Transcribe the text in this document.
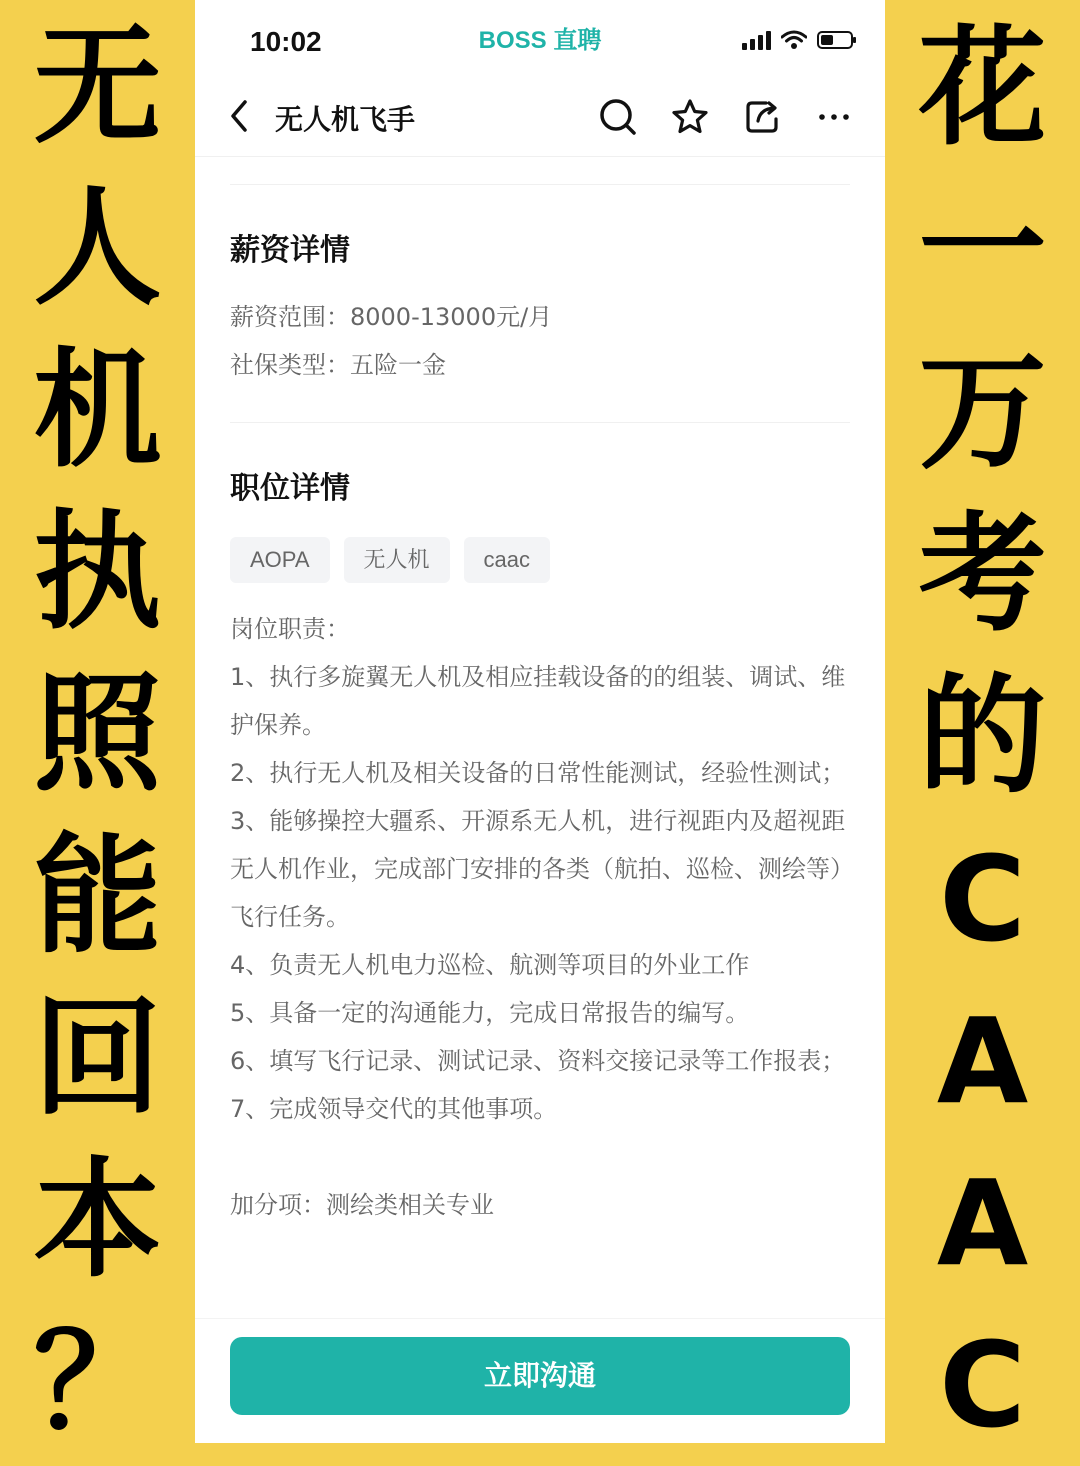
无
人
机
执
照
能
回
本
？
花
一
万
考
的
C
A
A
C
10:02	BOSS 直聘
无人机飞手
薪资详情
薪资范围：8000-13000元/月
社保类型：五险一金
职位详情
AOPA	无人机	caac
岗位职责：
1、执行多旋翼无人机及相应挂载设备的的组装、调试、维护保养。
2、执行无人机及相关设备的日常性能测试，经验性测试；
3、能够操控大疆系、开源系无人机，进行视距内及超视距无人机作业，完成部门安排的各类（航拍、巡检、测绘等）飞行任务。
4、负责无人机电力巡检、航测等项目的外业工作
5、具备一定的沟通能力，完成日常报告的编写。
6、填写飞行记录、测试记录、资料交接记录等工作报表；
7、完成领导交代的其他事项。
加分项：测绘类相关专业
立即沟通
